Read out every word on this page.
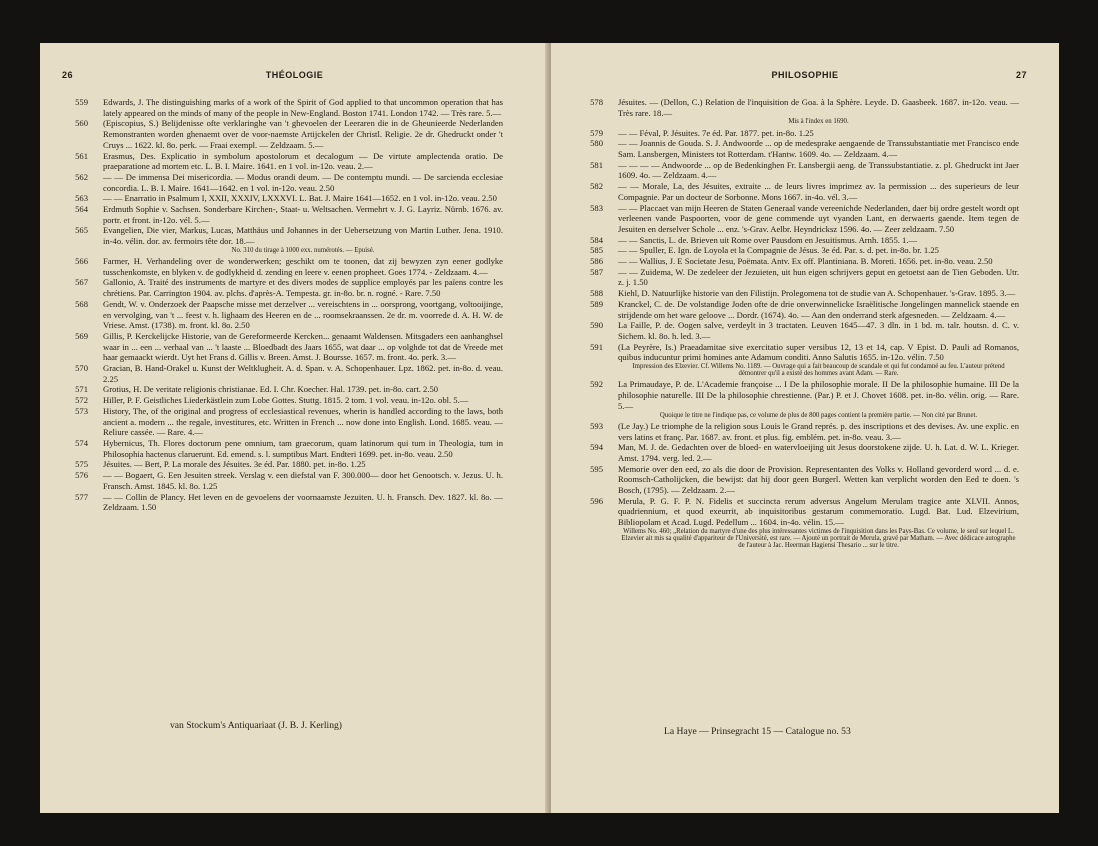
26	THÉOLOGIE

559 Edwards, J. The distinguishing marks of a work of the Spirit of God applied to that uncommon operation that has lately appeared on the minds of many of the people in New-England. Boston 1741. London 1742. — Très rare. 5.—

560 (Episcopius, S.) Belijdenisse ofte verklaringhe van 't ghevoelen der Leeraren die in de Gheunieerde Nederlanden Remonstranten worden ghenaemt over de voor-naemste Artijckelen der Christl. Religie. 2e dr. Ghedruckt onder 't Cruys ... 1622. kl. 8o. perk. — Fraai exempl. — Zeldzaam. 5.—

561 Erasmus, Des. Explicatio in symbolum apostolorum et decalogum — De virtute amplectenda oratio. De praeparatione ad mortem etc. L. B. I. Maire. 1641. en 1 vol. in-12o. veau. 2.—

562 — — De immensa Dei misericordia. — Modus orandi deum. — De contemptu mundi. — De sarcienda ecclesiae concordia. L. B. I. Maire. 1641—1642. en 1 vol. in-12o. veau. 2.50

563 — — Enarratio in Psalmum I, XXII, XXXIV, LXXXVI. L. Bat. J. Maire 1641—1652. en 1 vol. in-12o. veau. 2.50

564 Erdmuth Sophie v. Sachsen. Sonderbare Kirchen-, Staat- u. Weltsachen. Vermehrt v. J. G. Layriz. Nürnb. 1676. av. portr. et front. in-12o. vél. 5.—

565 Evangelien, Die vier, Markus, Lucas, Matthäus und Johannes in der Uebersetzung von Martin Luther. Jena. 1910. in-4o. vélin. dor. av. fermoirs tête dor. 18.—

No. 310 du tirage à 1000 exx. numérotés. — Epuisé.

566 Farmer, H. Verhandeling over de wonderwerken; geschikt om te toonen, dat zij bewyzen zyn eener godlyke tusschenkomste, en blyken v. de godlykheid d. zending en leere v. eenen propheet. Goes 1774. - Zeldzaam. 4.—

567 Gallonio, A. Traité des instruments de martyre et des divers modes de supplice employés par les païens contre les chrétiens. Par. Carrington 1904. av. plchs. d'après-A. Tempesta. gr. in-8o. br. n. rogné. - Rare. 7.50

568 Gendt, W. v. Onderzoek der Paapsche misse met derzelver ... vereischtens in ... oorsprong, voortgang, voltooijinge, en vervolging, van 't ... feest v. h. lighaam des Heeren en de ... roomsekraanssen. 2e dr. m. voorrede d. A. H. W. de Vriese. Amst. (1738). m. front. kl. 8o. 2.50

569 Gillis, P. Kerckelijcke Historie, van de Gereformeerde Kercken... genaamt Waldensen. Mitsgaders een aanhanghsel waar in ... een ... verhaal van ... 't laaste ... Bloedbadt des Jaars 1655, wat daar ... op volghde tot dat de Vreede met haar gemaackt wierdt. Uyt het Frans d. Gillis v. Breen. Amst. J. Boursse. 1657. m. front. 4o. perk. 3.—

570 Gracian, B. Hand-Orakel u. Kunst der Weltklugheit. A. d. Span. v. A. Schopenhauer. Lpz. 1862. pet. in-8o. d. veau. 2.25

571 Grotius, H. De veritate religionis christianae. Ed. I. Chr. Koecher. Hal. 1739. pet. in-8o. cart. 2.50

572 Hiller, P. F. Geistliches Liederkästlein zum Lobe Gottes. Stuttg. 1815. 2 tom. 1 vol. veau. in-12o. obl. 5.—

573 History, The, of the original and progress of ecclesiastical revenues, wherin is handled according to the laws, both ancient a. modern ... the regale, investitures, etc. Written in French ... now done into English. Lond. 1685. veau. — Reliure cassée. — Rare. 4.—

574 Hybernicus, Th. Flores doctorum pene omnium, tam graecorum, quam latinorum qui tum in Theologia, tum in Philosophia hactenus claruerunt. Ed. emend. s. l. sumptibus Mart. Endteri 1699. pet. in-8o. veau. 2.50

575 Jésuites. — Bert, P. La morale des Jésuites. 3e éd. Par. 1880. pet. in-8o. 1.25

576 — — Bogaert, G. Een Jesuiten streek. Verslag v. een diefstal van F. 300.000— door het Genootsch. v. Jezus. U. h. Fransch. Amst. 1845. kl. 8o. 1.25

577 — — Collin de Plancy. Het leven en de gevoelens der voornaamste Jezuiten. U. h. Fransch. Dev. 1827. kl. 8o. — Zeldzaam. 1.50

van Stockum's Antiquariaat (J. B. J. Kerling)
PHILOSOPHIE	27

578 Jésuites. — (Dellon, C.) Relation de l'inquisition de Goa. à la Sphère. Leyde. D. Gaasbeek. 1687. in-12o. veau. — Très rare. 18.—

Mis à l'index en 1690.

579 — — Féval, P. Jésuites. 7e éd. Par. 1877. pet. in-8o. 1.25

580 — — Joannis de Gouda. S. J. Andwoorde ... op de medesprake aengaende de Transsubstantiatie met Francisco ende Sam. Lansbergen, Ministers tot Rotterdam. t'Hantw. 1609. 4o. — Zeldzaam. 4.—

581 — — — — Andwoorde ... op de Bedenkinghen Fr. Lansbergii aeng. de Transsubstantiatie. z. pl. Ghedruckt int Jaer 1609. 4o. — Zeldzaam. 4.—

582 — — Morale, La, des Jésuites, extraite ... de leurs livres imprimez av. la permission ... des superieurs de leur Compagnie. Par un docteur de Sorbonne. Mons 1667. in-4o. vél. 3.—

583 — — Placcaet van mijn Heeren de Staten Generaal vande vereenichde Nederlanden, daer bij ordre gestelt wordt opt verleenen vande Paspoorten, voor de gene commende uyt vyanden Lant, en derwaerts gaende. Item tegen de Jesuiten en derselver Schole ... enz. 's-Grav. Aelbr. Heyndricksz 1596. 4o. — Zeer zeldzaam. 7.50

584 — — Sanctis, L. de. Brieven uit Rome over Pausdom en Jesuitismus. Arnh. 1855. 1.—

585 — — Spuller, E. Ign. de Loyola et la Compagnie de Jésus. 3e éd. Par. s. d. pet. in-8o. br. 1.25

586 — — Wallius, J. E Societate Jesu, Poëmata. Antv. Ex off. Plantiniana. B. Moreti. 1656. pet. in-8o. veau. 2.50

587 — — Zuidema, W. De zedeleer der Jezuieten, uit hun eigen schrijvers geput en getoetst aan de Tien Geboden. Utr. z. j. 1.50

588 Kiehl, D. Natuurlijke historie van den Filistijn. Prolegomena tot de studie van A. Schopenhauer. 's-Grav. 1895. 3.—

589 Kranckel, C. de. De volstandige Joden ofte de drie onverwinnelicke Israëlitische Jongelingen mannelick staende en strijdende om het ware geloove ... Dordr. (1674). 4o. — Aan den onderrand sterk afgesneden. — Zeldzaam. 4.—

590 La Faille, P. de. Oogen salve, verdeylt in 3 tractaten. Leuven 1645—47. 3 dln. in 1 bd. m. talr. houtsn. d. C. v. Sichem. kl. 8o. h. led. 3.—

591 (La Peyrère, Is.) Praeadamitae sive exercitatio super versibus 12, 13 et 14, cap. V Epist. D. Pauli ad Romanos, quibus inducuntur primi homines ante Adamum conditi. Anno Salutis 1655. in-12o. vélin. 7.50

Impression des Elzevier. Cf. Willems No. 1189. — Ouvrage qui a fait beaucoup de scandale et qui fut condamné au feu. L'auteur prétend démontrer qu'il a existé des hommes avant Adam. — Rare.

592 La Primaudaye, P. de. L'Academie françoise ... I De la philosophie morale. II De la philosophie humaine. III De la philosophie naturelle. III De la philosophie chrestienne. (Par.) P. et J. Chovet 1608. pet. in-8o. vélin. orig. — Rare. 5.—

Quoique le titre ne l'indique pas, ce volume de plus de 800 pages contient la première partie. — Non cité par Brunet.

593 (Le Jay.) Le triomphe de la religion sous Louis le Grand représ. p. des inscriptions et des devises. Av. une explic. en vers latins et franç. Par. 1687. av. front. et plus. fig. emblém. pet. in-8o. veau. 3.—

594 Man, M. J. de. Gedachten over de bloed- en watervloeijing uit Jesus doorstokene zijde. U. h. Lat. d. W. L. Krieger. Amst. 1794. verg. led. 2.—

595 Memorie over den eed, zo als die door de Provision. Representanten des Volks v. Holland gevorderd word ... d. e. Roomsch-Catholijcken, die bewijst: dat hij door geen Burgerl. Wetten kan verplicht worden den Eed te doen. 's Bosch, (1795). — Zeldzaam. 2.—

596 Merula, P. G. F. P. N. Fidelis et succincta rerum adversus Angelum Merulam tragice ante XLVII. Annos, quadriennium, et quod exeurrit, ab inquisitoribus gestarum commemoratio. Lugd. Bat. Lud. Elzevirium, Bibliopolam et Acad. Lugd. Pedellum ... 1604. in-4o. vélin. 15.—

Willems No. 460; „Relation du martyre d'une des plus intéressantes victimes de l'inquisition dans les Pays-Bas. Ce volume, le seul sur lequel L. Elzevier ait mis sa qualité d'appariteur de l'Université, est rare. — Ajouté un portrait de Merula, gravé par Matham. — Avec dédicace autographe de l'auteur à Jac. Heerman Hagiensi Thesario ... sur le titre.

La Haye — Prinsegracht 15 — Catalogue no. 53
